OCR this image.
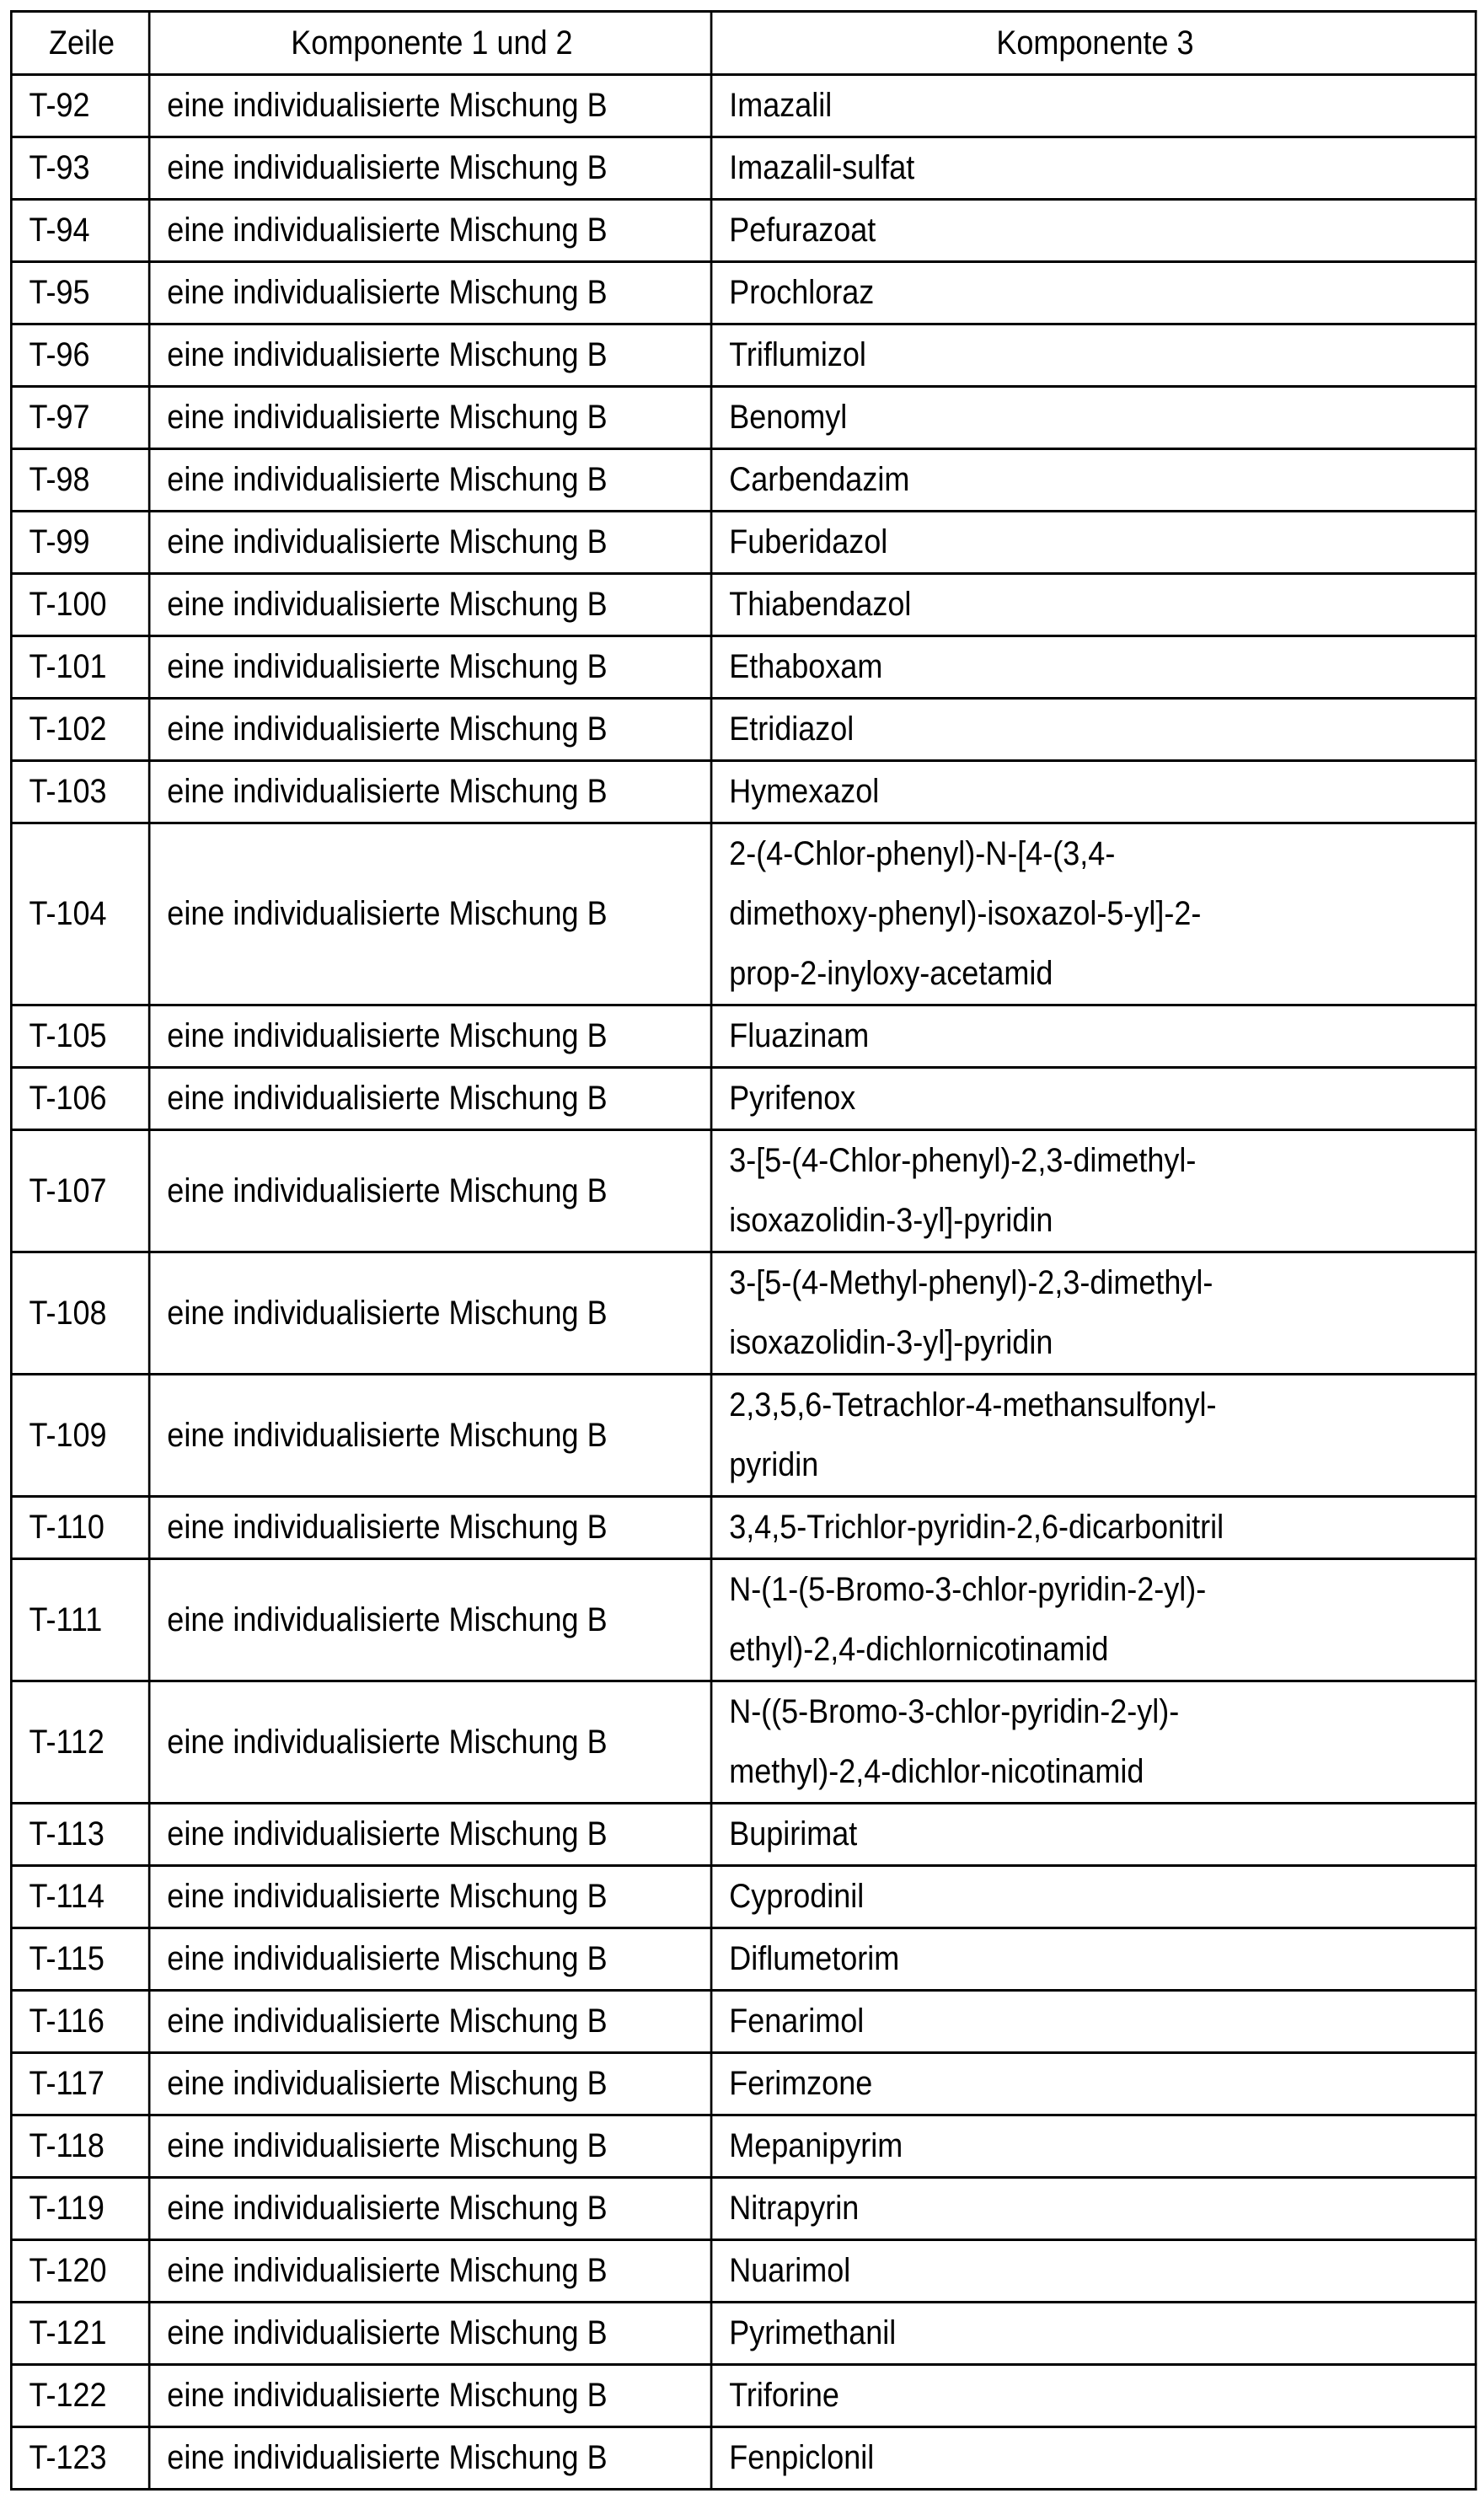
Zeile	Komponente 1 und 2	Komponente 3
T-92	eine individualisierte Mischung B	Imazalil
T-93	eine individualisierte Mischung B	Imazalil-sulfat
T-94	eine individualisierte Mischung B	Pefurazoat
T-95	eine individualisierte Mischung B	Prochloraz
T-96	eine individualisierte Mischung B	Triflumizol
T-97	eine individualisierte Mischung B	Benomyl
T-98	eine individualisierte Mischung B	Carbendazim
T-99	eine individualisierte Mischung B	Fuberidazol
T-100	eine individualisierte Mischung B	Thiabendazol
T-101	eine individualisierte Mischung B	Ethaboxam
T-102	eine individualisierte Mischung B	Etridiazol
T-103	eine individualisierte Mischung B	Hymexazol
T-104	eine individualisierte Mischung B	2-(4-Chlor-phenyl)-N-[4-(3,4-
dimethoxy-phenyl)-isoxazol-5-yl]-2-
prop-2-inyloxy-acetamid
T-105	eine individualisierte Mischung B	Fluazinam
T-106	eine individualisierte Mischung B	Pyrifenox
T-107	eine individualisierte Mischung B	3-[5-(4-Chlor-phenyl)-2,3-dimethyl-
isoxazolidin-3-yl]-pyridin
T-108	eine individualisierte Mischung B	3-[5-(4-Methyl-phenyl)-2,3-dimethyl-
isoxazolidin-3-yl]-pyridin
T-109	eine individualisierte Mischung B	2,3,5,6-Tetrachlor-4-methansulfonyl-
pyridin
T-110	eine individualisierte Mischung B	3,4,5-Trichlor-pyridin-2,6-dicarbonitril
T-111	eine individualisierte Mischung B	N-(1-(5-Bromo-3-chlor-pyridin-2-yl)-
ethyl)-2,4-dichlornicotinamid
T-112	eine individualisierte Mischung B	N-((5-Bromo-3-chlor-pyridin-2-yl)-
methyl)-2,4-dichlor-nicotinamid
T-113	eine individualisierte Mischung B	Bupirimat
T-114	eine individualisierte Mischung B	Cyprodinil
T-115	eine individualisierte Mischung B	Diflumetorim
T-116	eine individualisierte Mischung B	Fenarimol
T-117	eine individualisierte Mischung B	Ferimzone
T-118	eine individualisierte Mischung B	Mepanipyrim
T-119	eine individualisierte Mischung B	Nitrapyrin
T-120	eine individualisierte Mischung B	Nuarimol
T-121	eine individualisierte Mischung B	Pyrimethanil
T-122	eine individualisierte Mischung B	Triforine
T-123	eine individualisierte Mischung B	Fenpiclonil
